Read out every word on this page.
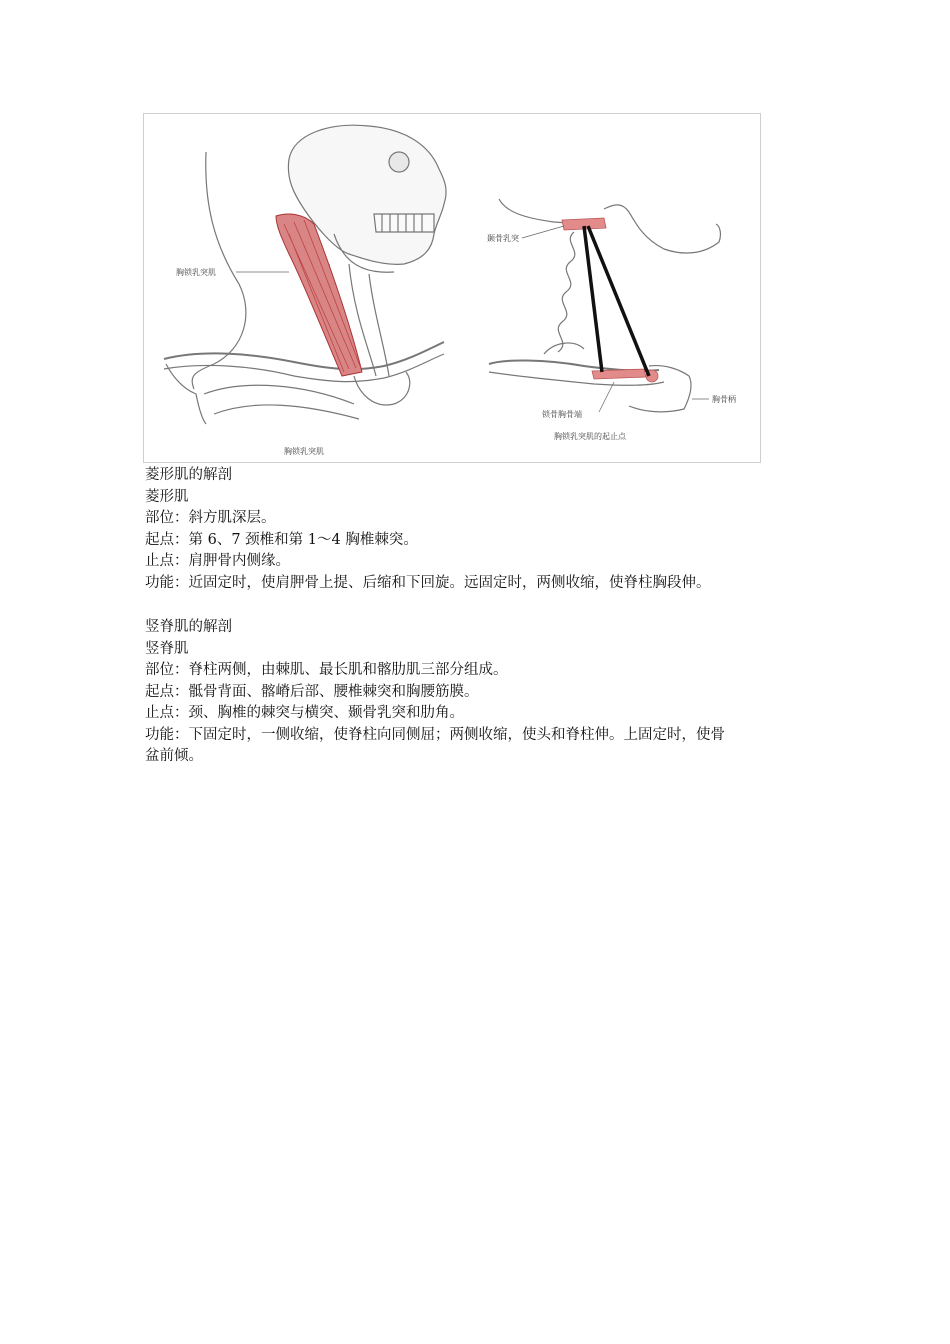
胸锁乳突肌
胸锁乳突肌
颞骨乳突
胸骨柄
锁骨胸骨端
胸锁乳突肌的起止点

菱形肌的解剖

菱形肌

部位：斜方肌深层。

起点：第 6、7 颈椎和第 1～4 胸椎棘突。

止点：肩胛骨内侧缘。

功能：近固定时，使肩胛骨上提、后缩和下回旋。远固定时，两侧收缩，使脊柱胸段伸。

竖脊肌的解剖

竖脊肌

部位：脊柱两侧，由棘肌、最长肌和髂肋肌三部分组成。

起点：骶骨背面、髂嵴后部、腰椎棘突和胸腰筋膜。

止点：颈、胸椎的棘突与横突、颞骨乳突和肋角。

功能：下固定时，一侧收缩，使脊柱向同侧屈；两侧收缩，使头和脊柱伸。上固定时，使骨

盆前倾。
